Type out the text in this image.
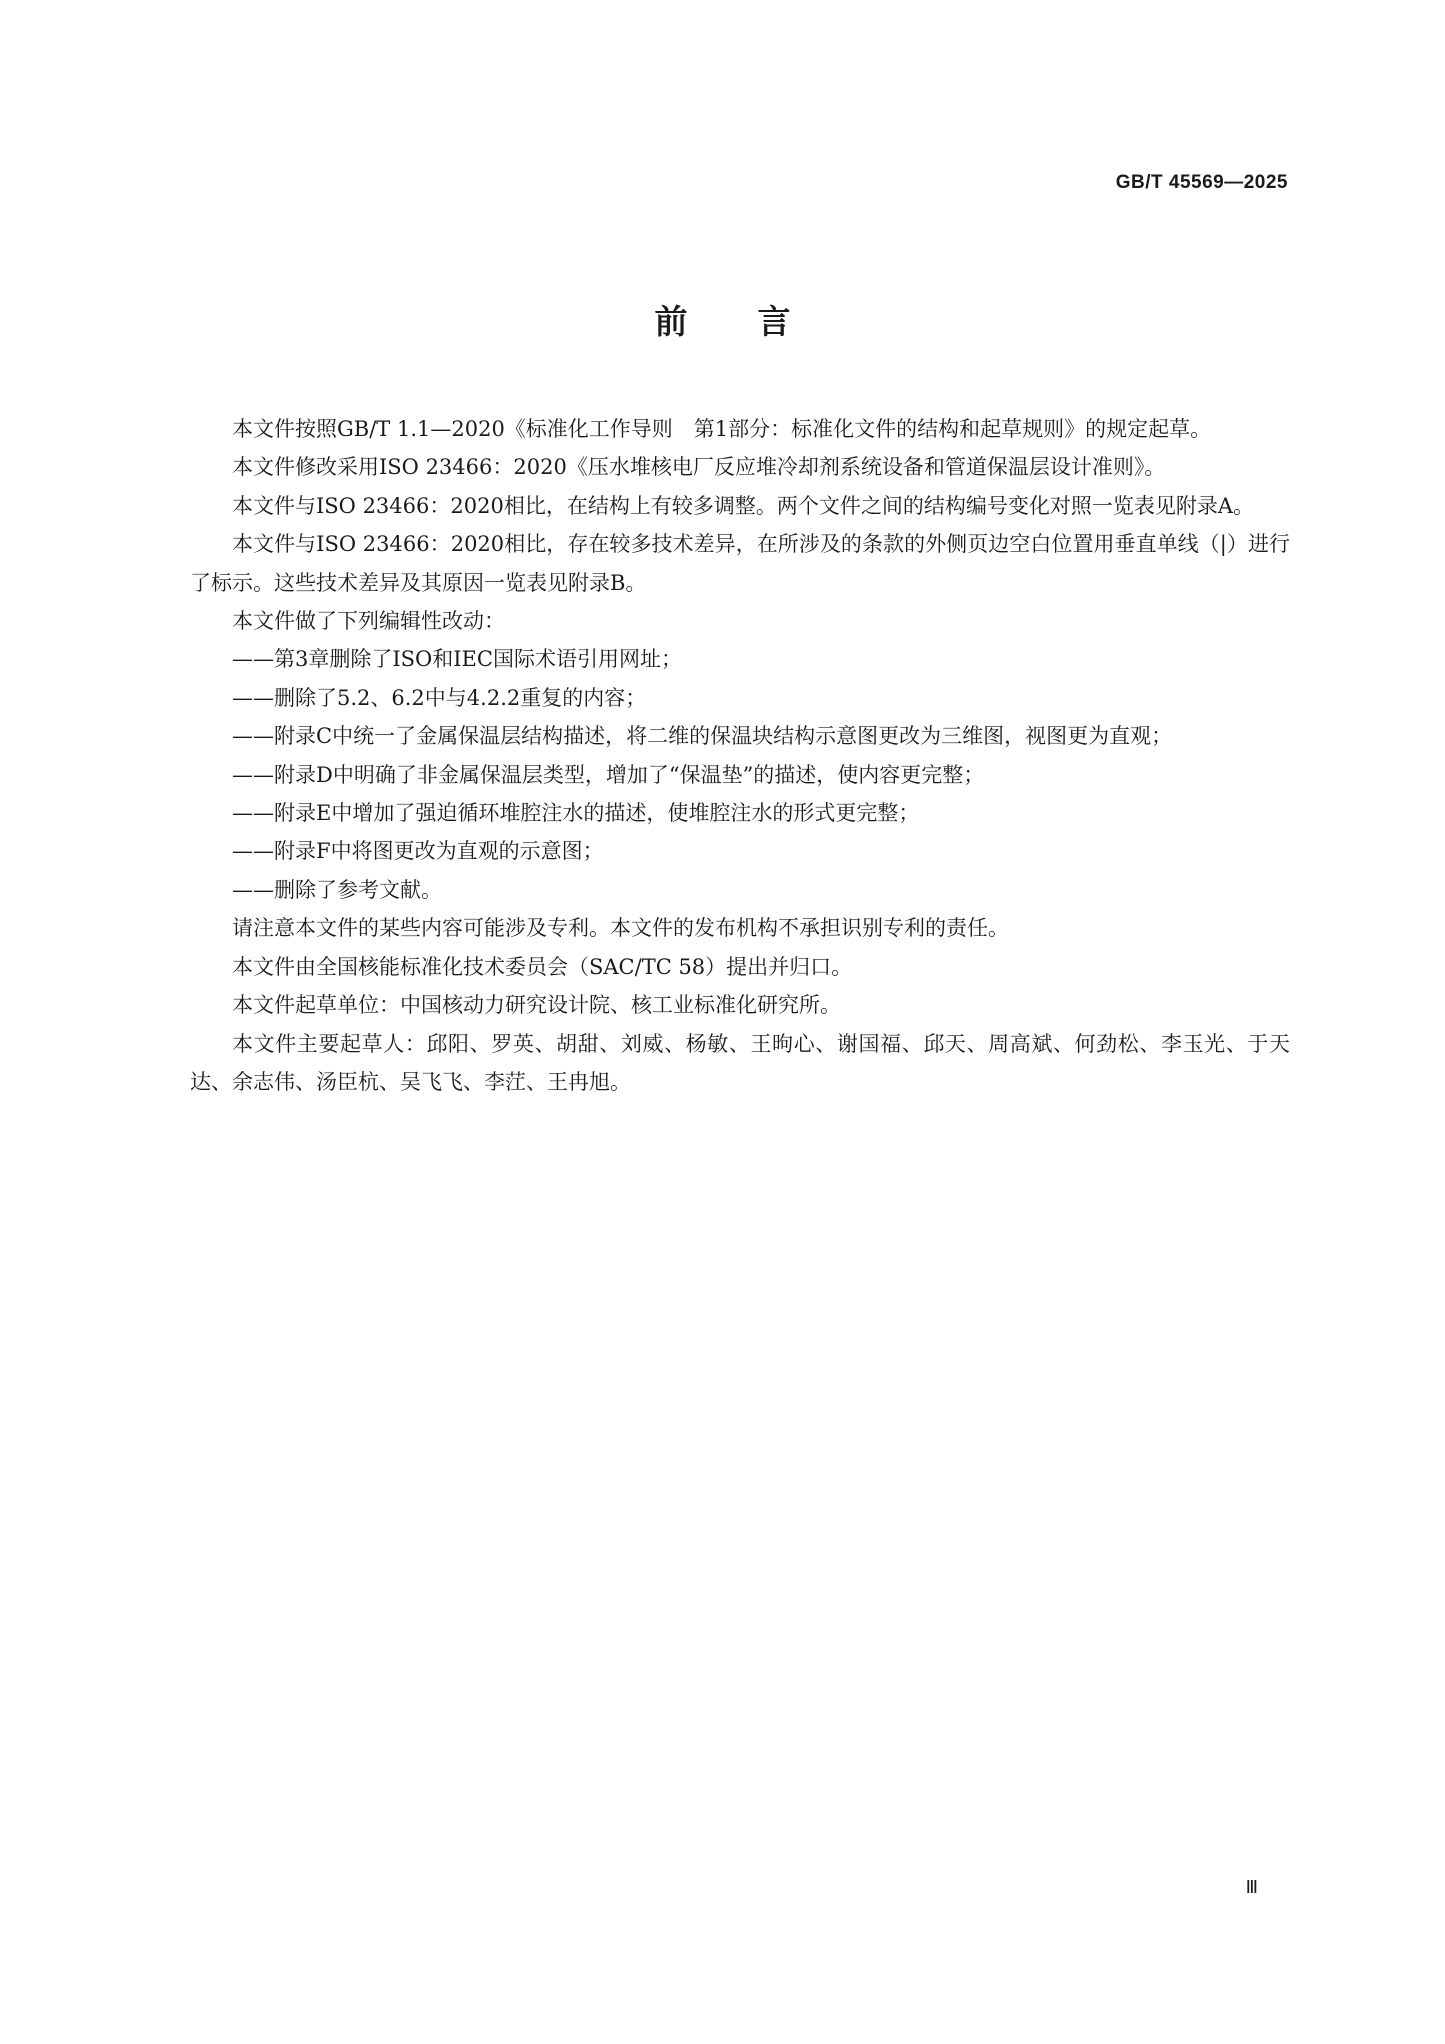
GB/T 45569—2025

前言

本文件按照GB/T 1.1—2020《标准化工作导则　第1部分：标准化文件的结构和起草规则》的规定起草。

本文件修改采用ISO 23466：2020《压水堆核电厂反应堆冷却剂系统设备和管道保温层设计准则》。

本文件与ISO 23466：2020相比，在结构上有较多调整。两个文件之间的结构编号变化对照一览表见附录A。

本文件与ISO 23466：2020相比，存在较多技术差异，在所涉及的条款的外侧页边空白位置用垂直单线（|）进行了标示。这些技术差异及其原因一览表见附录B。

本文件做了下列编辑性改动：

——第3章删除了ISO和IEC国际术语引用网址；

——删除了5.2、6.2中与4.2.2重复的内容；

——附录C中统一了金属保温层结构描述，将二维的保温块结构示意图更改为三维图，视图更为直观；

——附录D中明确了非金属保温层类型，增加了“保温垫”的描述，使内容更完整；

——附录E中增加了强迫循环堆腔注水的描述，使堆腔注水的形式更完整；

——附录F中将图更改为直观的示意图；

——删除了参考文献。

请注意本文件的某些内容可能涉及专利。本文件的发布机构不承担识别专利的责任。

本文件由全国核能标准化技术委员会（SAC/TC 58）提出并归口。

本文件起草单位：中国核动力研究设计院、核工业标准化研究所。

本文件主要起草人：邱阳、罗英、胡甜、刘威、杨敏、王昫心、谢国福、邱天、周高斌、何劲松、李玉光、于天达、余志伟、汤臣杭、吴飞飞、李茳、王冉旭。

Ⅲ
